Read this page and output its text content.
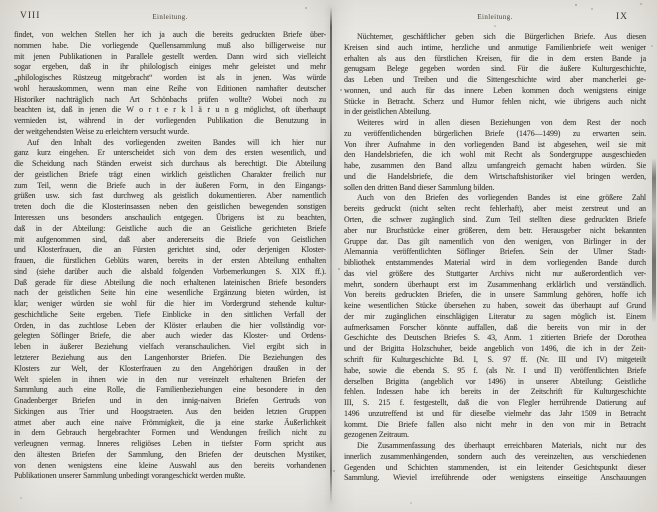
VIII	Einleitung.
findet, von welchen Stellen her ich ja auch die bereits gedruckten Briefe über-
nommen habe. Die vorliegende Quellensammlung muß also billigerweise nur
mit jenen Publikationen in Parallele gestellt werden. Dann wird sich vielleicht
sogar ergeben, daß in ihr philologisch einiges mehr geleistet und mehr
„philologisches Rüstzeug mitgebracht“ worden ist als in jenen. Was würde
wohl herauskommen, wenn man eine Reihe von Editionen namhafter deutscher
Historiker nachträglich nach Art Schönbachs prüfen wollte? Wobei noch zu
beachten ist, daß in jenen die W o r t e r k l ä r u n g möglichst, oft überhaupt
vermieden ist, während in der vorliegenden Publikation die Benutzung in
der weitgehendsten Weise zu erleichtern versucht wurde.
Auf den Inhalt des vorliegenden zweiten Bandes will ich hier nur
ganz kurz eingehen. Er unterscheidet sich von dem des ersten wesentlich, und
die Scheidung nach Ständen erweist sich durchaus als berechtigt. Die Abteilung
der geistlichen Briefe trägt einen wirklich geistlichen Charakter freilich nur
zum Teil, wenn die Briefe auch in der äußeren Form, in den Eingangs-
grüßen usw. sich fast durchweg als geistlich dokumentieren. Aber namentlich
treten doch die die Klosterinsassen neben den geistlichen bewegenden sonstigen
Interessen uns besonders anschaulich entgegen. Übrigens ist zu beachten,
daß in der Abteilung: Geistliche auch die an Geistliche gerichteten Briefe
mit aufgenommen sind, daß aber andererseits die Briefe von Geistlichen
und Klosterfrauen, die an Fürsten gerichtet sind, oder derjenigen Kloster-
frauen, die fürstlichen Geblüts waren, bereits in der ersten Abteilung enthalten
sind (siehe darüber auch die alsbald folgenden Vorbemerkungen S. XIX ff.).
Daß gerade für diese Abteilung die noch erhaltenen lateinischen Briefe besonders
nach der geistlichen Seite hin eine wesentliche Ergänzung bieten würden, ist
klar; weniger würden sie wohl für die hier im Vordergrund stehende kultur-
geschichtliche Seite ergeben. Tiefe Einblicke in den sittlichen Verfall der
Orden, in das zuchtlose Leben der Klöster erlauben die hier vollständig vor-
gelegten Söflinger Briefe, die aber auch wieder das Kloster- und Ordens-
leben in äußerer Beziehung vielfach veranschaulichen. Viel ergibt sich in
letzterer Beziehung aus den Langenhorster Briefen. Die Beziehungen des
Klosters zur Welt, der Klosterfrauen zu den Angehörigen draußen in der
Welt spielen in ihnen wie in den nur vereinzelt erhaltenen Briefen der
Sammlung auch eine Rolle, die Familienbeziehungen eine besondere in den
Gnadenberger Briefen und in den innig-naiven Briefen Gertruds von
Sickingen aus Trier und Hoogstraeten. Aus den beiden letzten Gruppen
atmet aber auch eine naive Frömmigkeit, die ja eine starke Äußerlichkeit
in dem Gebrauch hergebrachter Formen und Wendungen freilich nicht zu
verleugnen vermag. Inneres religiöses Leben in tiefster Form spricht aus
den ältesten Briefen der Sammlung, den Briefen der deutschen Mystiker,
von denen wenigstens eine kleine Auswahl aus den bereits vorhandenen
Publikationen unserer Sammlung unbedingt vorangeschickt werden mußte.
Einleitung.	IX
*
Nüchterner, geschäftlicher geben sich die Bürgerlichen Briefe. Aus diesen
Kreisen sind auch intime, herzliche und anmutige Familienbriefe weit weniger
erhalten als aus den fürstlichen Kreisen, für die in dem ersten Bande ja
genugsam Belege gegeben worden sind. Für die äußere Kulturgeschichte,
das Leben und Treiben und die Sittengeschichte wird aber mancherlei ge-
wonnen, und auch für das innere Leben kommen doch wenigstens einige
Stücke in Betracht. Scherz und Humor fehlen nicht, wie übrigens auch nicht
in der geistlichen Abteilung.
Weiteres wird in allen diesen Beziehungen von dem Rest der noch
zu veröffentlichenden bürgerlichen Briefe (1476—1499) zu erwarten sein.
Von ihrer Aufnahme in den vorliegenden Band ist abgesehen, weil sie mit
den Handelsbriefen, die ich wohl mit Recht als Sondergruppe ausgeschieden
habe, zusammen den Band allzu umfangreich gemacht haben würden. Sie
und die Handelsbriefe, die dem Wirtschaftshistoriker viel bringen werden,
sollen den dritten Band dieser Sammlung bilden.
Auch von den Briefen des vorliegenden Bandes ist eine größere Zahl
bereits gedruckt (nicht selten recht fehlerhaft), aber meist zerstreut und an
Orten, die schwer zugänglich sind. Zum Teil stellten diese gedruckten Briefe
aber nur Bruchstücke einer größeren, dem betr. Herausgeber nicht bekannten
Gruppe dar. Das gilt namentlich von den wenigen, von Birlinger in der
Alemannia veröffentlichten Söflinger Briefen. Sein der Ulmer Stadt-
bibliothek entstammendes Material wird in dem vorliegenden Bande durch
das viel größere des Stuttgarter Archivs nicht nur außerordentlich ver-
mehrt, sondern überhaupt erst im Zusammenhang erklärlich und verständlich.
Von bereits gedruckten Briefen, die in unsere Sammlung gehören, hoffe ich
keine wesentlichen Stücke übersehen zu haben, soweit das überhaupt auf Grund
der mir zugänglichen einschlägigen Literatur zu sagen möglich ist. Einem
aufmerksamen Forscher könnte auffallen, daß die bereits von mir in der
Geschichte des Deutschen Briefes S. 43, Anm. 1 zitierten Briefe der Dorothea
und der Brigitta Holzschuher, beide angeblich von 1496, die ich in der Zeit-
schrift für Kulturgeschichte Bd. I, S. 97 ff. (Nr. III und IV) mitgeteilt
habe, sowie die ebenda S. 95 f. (als Nr. I und II) veröffentlichten Briefe
derselben Brigitta (angeblich vor 1496) in unserer Abteilung: Geistliche
fehlen. Indessen habe ich bereits in der Zeitschrift für Kulturgeschichte
III, S. 215 f. festgestellt, daß die von Flegler herrührende Datierung auf
1496 unzutreffend ist und für dieselbe vielmehr das Jahr 1509 in Betracht
kommt. Die Briefe fallen also nicht mehr in den von mir in Betracht
gezogenen Zeitraum.
Die Zusammenfassung des überhaupt erreichbaren Materials, nicht nur des
innerlich zusammenhängenden, sondern auch des vereinzelten, aus verschiedenen
Gegenden und Schichten stammenden, ist ein leitender Gesichtspunkt dieser
Sammlung. Wieviel irreführende oder wenigstens einseitige Anschauungen
